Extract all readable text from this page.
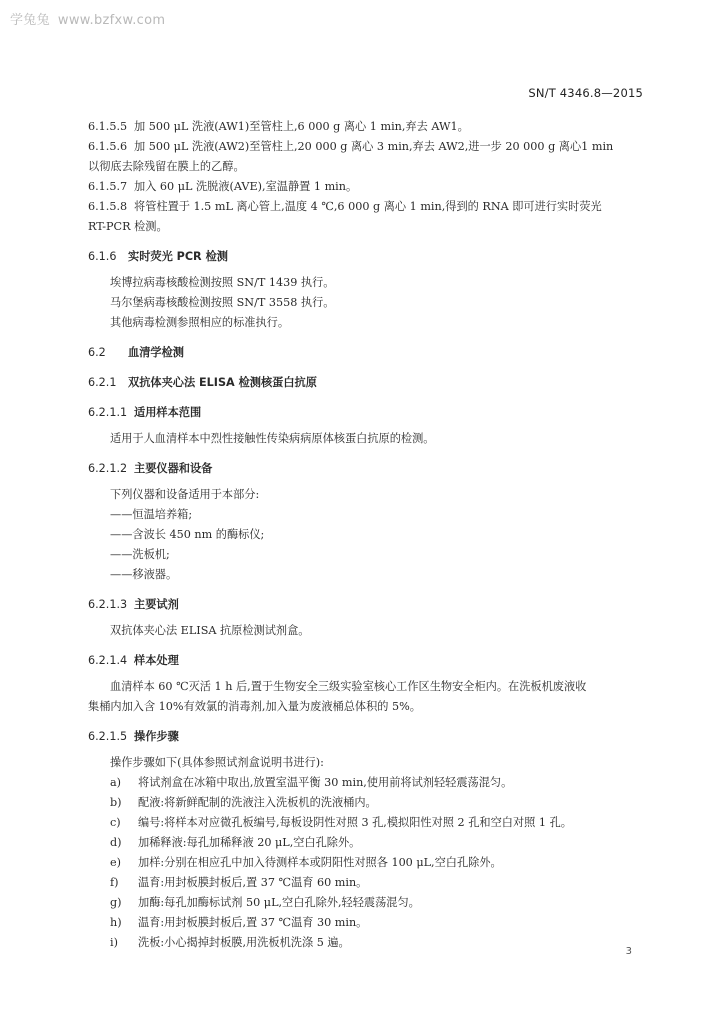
学兔兔 www.bzfxw.com
SN/T 4346.8—2015
6.1.5.5 加 500 μL 洗液(AW1)至管柱上,6 000 g 离心 1 min,弃去 AW1。
6.1.5.6 加 500 μL 洗液(AW2)至管柱上,20 000 g 离心 3 min,弃去 AW2,进一步 20 000 g 离心1 min
以彻底去除残留在膜上的乙醇。
6.1.5.7 加入 60 μL 洗脱液(AVE),室温静置 1 min。
6.1.5.8 将管柱置于 1.5 mL 离心管上,温度 4 ℃,6 000 g 离心 1 min,得到的 RNA 即可进行实时荧光
RT-PCR 检测。
6.1.6 实时荧光 PCR 检测
埃博拉病毒核酸检测按照 SN/T 1439 执行。
马尔堡病毒核酸检测按照 SN/T 3558 执行。
其他病毒检测参照相应的标准执行。
6.2 血清学检测
6.2.1 双抗体夹心法 ELISA 检测核蛋白抗原
6.2.1.1 适用样本范围
适用于人血清样本中烈性接触性传染病病原体核蛋白抗原的检测。
6.2.1.2 主要仪器和设备
下列仪器和设备适用于本部分:
——恒温培养箱;
——含波长 450 nm 的酶标仪;
——洗板机;
——移液器。
6.2.1.3 主要试剂
双抗体夹心法 ELISA 抗原检测试剂盒。
6.2.1.4 样本处理
血清样本 60 ℃灭活 1 h 后,置于生物安全三级实验室核心工作区生物安全柜内。在洗板机废液收
集桶内加入含 10%有效氯的消毒剂,加入量为废液桶总体积的 5%。
6.2.1.5 操作步骤
操作步骤如下(具体参照试剂盒说明书进行):
a) 将试剂盒在冰箱中取出,放置室温平衡 30 min,使用前将试剂轻轻震荡混匀。
b) 配液:将新鲜配制的洗液注入洗板机的洗液桶内。
c) 编号:将样本对应微孔板编号,每板设阴性对照 3 孔,模拟阳性对照 2 孔和空白对照 1 孔。
d) 加稀释液:每孔加稀释液 20 μL,空白孔除外。
e) 加样:分别在相应孔中加入待测样本或阴阳性对照各 100 μL,空白孔除外。
f) 温育:用封板膜封板后,置 37 ℃温育 60 min。
g) 加酶:每孔加酶标试剂 50 μL,空白孔除外,轻轻震荡混匀。
h) 温育:用封板膜封板后,置 37 ℃温育 30 min。
i) 洗板:小心揭掉封板膜,用洗板机洗涤 5 遍。
3
